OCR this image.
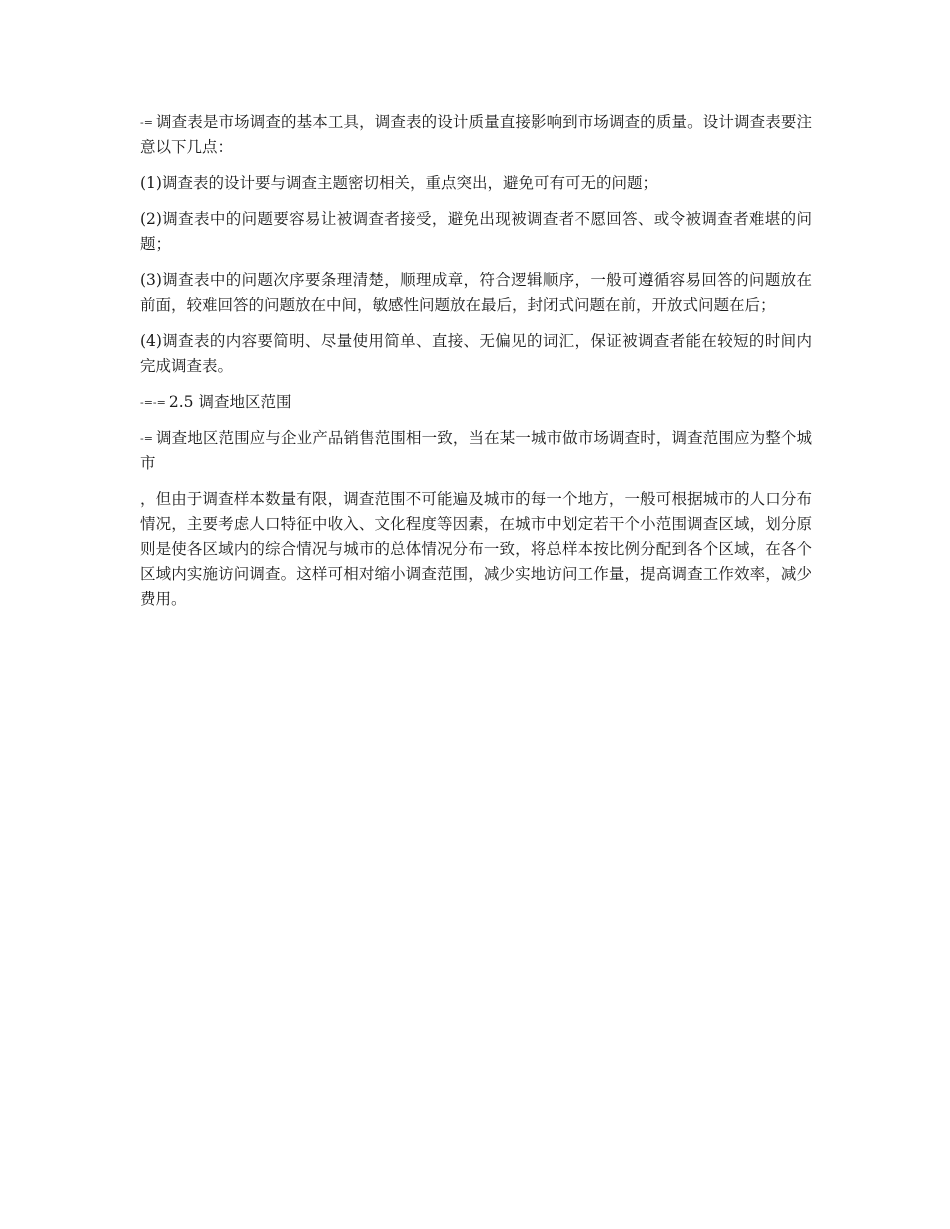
-= 调查表是市场调查的基本工具，调查表的设计质量直接影响到市场调查的质量。设计调查表要注意以下几点：

(1)调查表的设计要与调查主题密切相关，重点突出，避免可有可无的问题；

(2)调查表中的问题要容易让被调查者接受，避免出现被调查者不愿回答、或令被调查者难堪的问题；

(3)调查表中的问题次序要条理清楚，顺理成章，符合逻辑顺序，一般可遵循容易回答的问题放在前面，较难回答的问题放在中间，敏感性问题放在最后，封闭式问题在前，开放式问题在后；

(4)调查表的内容要简明、尽量使用简单、直接、无偏见的词汇，保证被调查者能在较短的时间内完成调查表。

-=-= 2.5 调查地区范围

-= 调查地区范围应与企业产品销售范围相一致，当在某一城市做市场调查时，调查范围应为整个城市

，但由于调查样本数量有限，调查范围不可能遍及城市的每一个地方，一般可根据城市的人口分布情况，主要考虑人口特征中收入、文化程度等因素，在城市中划定若干个小范围调查区域，划分原则是使各区域内的综合情况与城市的总体情况分布一致，将总样本按比例分配到各个区域，在各个区域内实施访问调查。这样可相对缩小调查范围，减少实地访问工作量，提高调查工作效率，减少费用。
